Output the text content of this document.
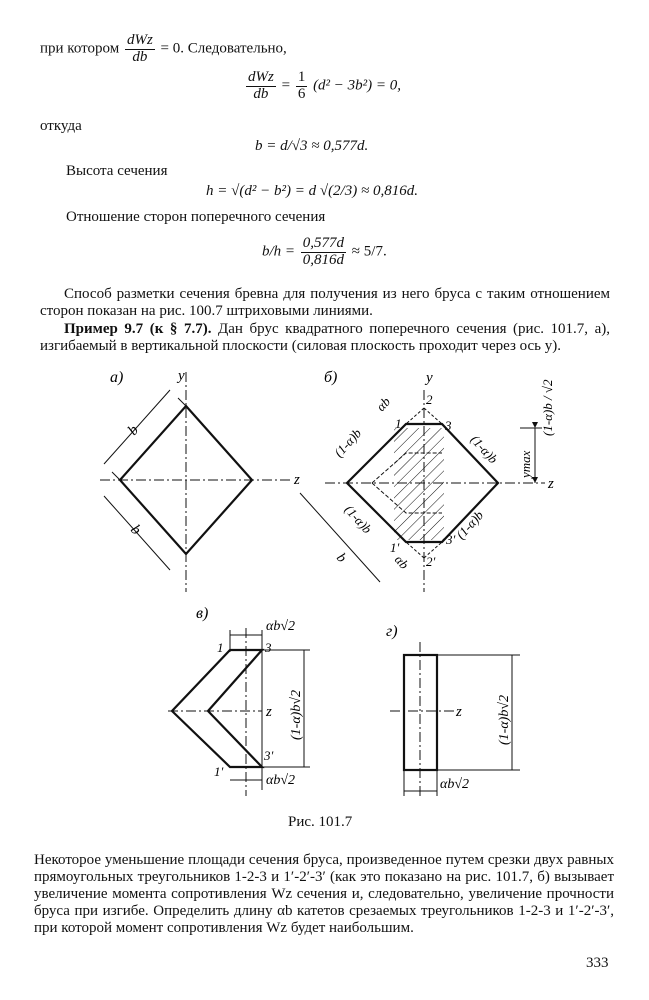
при котором $\frac{\text{dWz}}{db} = 0$. Следовательно,
$\frac{\text{dWz}}{db} = \frac{1}{6} (d^2 - 3b^2) = 0$,
откуда
b = d/√3 ≈ 0,577d.
Высота сечения
h = √(d² − b²) = d √(2/3) ≈ 0,816d.
Отношение сторон поперечного сечения
$b/h = \frac{0,577d}{0,816d} \approx 5/7$.
Способ разметки сечения бревна для получения из него бруса с таким отношением сторон показан на рис. 100.7 штриховыми линиями.
Пример 9.7 (к § 7.7). Дан брус квадратного поперечного сечения (рис. 101.7, a), изгибаемый в вертикальной плоскости (силовая плоскость проходит через ось y).
а)	y
z
b
b
б)	y
z
1
2
3
1′
2′
3′
(1-α)b
αb
(1-α)b
(1-α)b	(1-α)b
b	αb
ymax
(1-α)b / √2
в)
z
αb√2
αb√2
(1-α)b√2
1	3
1′
3′
г)
z	(1-α)b√2
αb√2
Рис. 101.7
Некоторое уменьшение площади сечения бруса, произведенное путем срезки двух равных прямоугольных треугольников 1-2-3 и 1′-2′-3′ (как это показано на рис. 101.7, б) вызывает увеличение момента сопротивления Wz сечения и, следовательно, увеличение прочности бруса при изгибе. Определить длину αb катетов срезаемых треугольников 1-2-3 и 1′-2′-3′, при которой момент сопротивления Wz будет наибольшим.
333
